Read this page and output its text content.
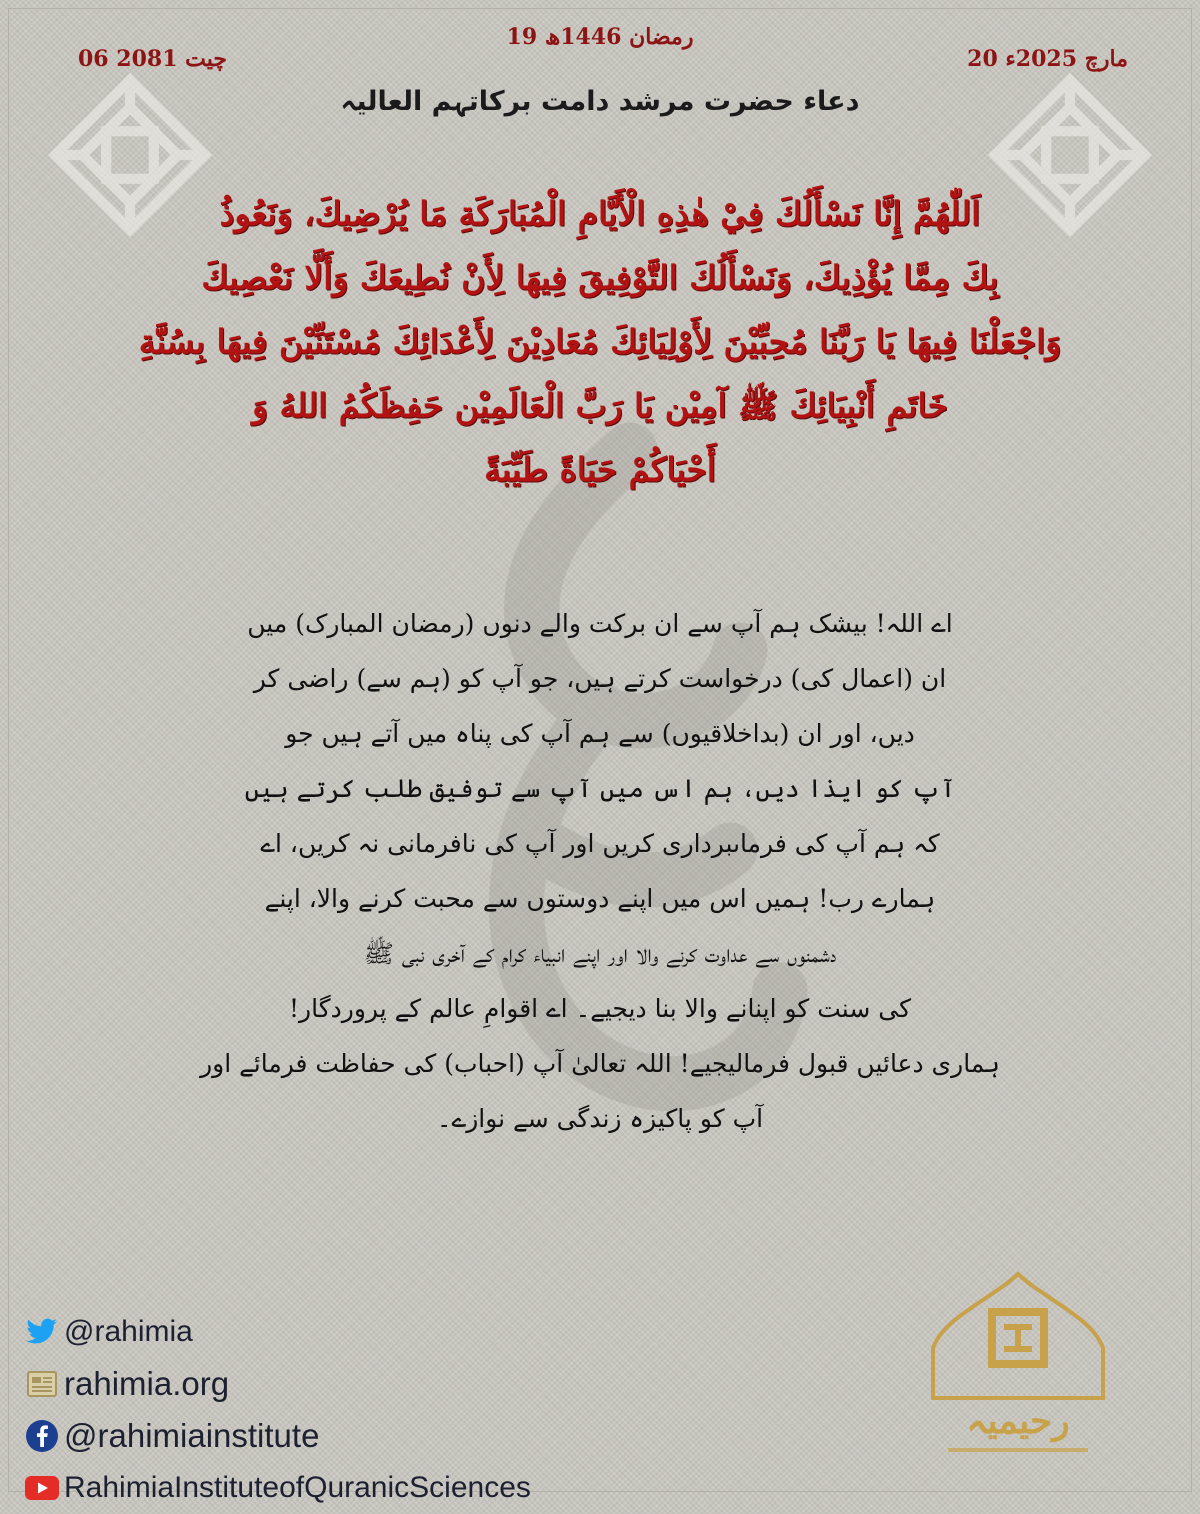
19 رمضان 1446ھ
20 مارچ 2025ء
06 چیت 2081
دعاء حضرت مرشد دامت برکاتہم العالیہ
اَللّٰهُمَّ إِنَّا نَسْأَلُكَ فِيْ هٰذِهِ الْأَيَّامِ الْمُبَارَكَةِ مَا يُرْضِيكَ، وَنَعُوذُ
بِكَ مِمَّا يُؤْذِيكَ، وَنَسْأَلُكَ التَّوْفِيقَ فِيهَا لِأَنْ نُطِيعَكَ وَأَلَّا نَعْصِيكَ
وَاجْعَلْنَا فِيهَا يَا رَبَّنَا مُحِبِّيْنَ لِأَوْلِيَائِكَ مُعَادِيْنَ لِأَعْدَائِكَ مُسْتَنِّيْنَ فِيهَا بِسُنَّةِ
خَاتَمِ أَنْبِيَائِكَ ﷺ آمِيْن يَا رَبَّ الْعَالَمِيْن حَفِظَكُمُ اللهُ وَ
أَحْيَاكُمْ حَيَاةً طَيِّبَةً
اے اللہ! بیشک ہم آپ سے ان برکت والے دنوں (رمضان المبارک) میں
ان (اعمال کی) درخواست کرتے ہیں، جو آپ کو (ہم سے) راضی کر
دیں، اور ان (بداخلاقیوں) سے ہم آپ کی پناہ میں آتے ہیں جو
آپ کو ایذا دیں، ہم اس میں آپ سے توفیق طلب کرتے ہیں
کہ ہم آپ کی فرماںبرداری کریں اور آپ کی نافرمانی نہ کریں، اے
ہمارے رب! ہمیں اس میں اپنے دوستوں سے محبت کرنے والا، اپنے
دشمنوں سے عداوت کرنے والا اور اپنے انبیاء کرام کے آخری نبی ﷺ
کی سنت کو اپنانے والا بنا دیجیے۔ اے اقوامِ عالم کے پروردگار!
ہماری دعائیں قبول فرمالیجیے! اللہ تعالیٰ آپ (احباب) کی حفاظت فرمائے اور
آپ کو پاکیزہ زندگی سے نوازے۔
@rahimia
rahimia.org
@rahimiainstitute
RahimiaInstituteofQuranicSciences
رحیمیہ
